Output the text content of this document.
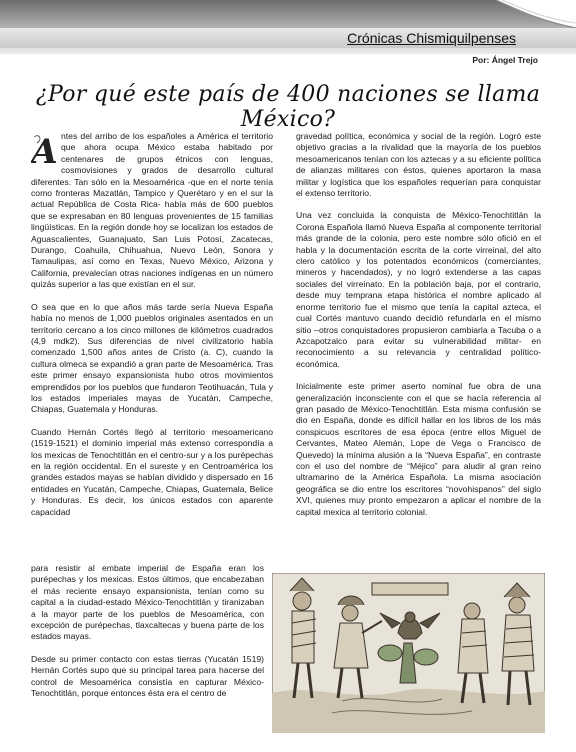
Crónicas Chismiquilpenses
Por: Ángel Trejo
¿Por qué este país de 400 naciones se llama México?

A ntes del arribo de los españoles a América el territorio que ahora ocupa México estaba habitado por centenares de grupos étnicos con lenguas, cosmovisiones y grados de desarrollo cultural diferentes. Tan sólo en la Mesoamérica -que en el norte tenía como fronteras Mazatlán, Tampico y Querétaro y en el sur la actual República de Costa Rica- había más de 600 pueblos que se expresaban en 80 lenguas provenientes de 15 familias lingüísticas. En la región donde hoy se localizan los estados de Aguascalientes, Guanajuato, San Luis Potosí, Zacatecas, Durango, Coahuila, Chihuahua, Nuevo León, Sonora y Tamaulipas, así como en Texas, Nuevo México, Arizona y California, prevalecían otras naciones indígenas en un número quizás superior a las que existían en el sur.

O sea que en lo que años más tarde sería Nueva España había no menos de 1,000 pueblos originales asentados en un territorio cercano a los cinco millones de kilómetros cuadrados (4,9 mdk2). Sus diferencias de nivel civilizatorio había comenzado 1,500 años antes de Cristo (a. C), cuando la cultura olmeca se expandió a gran parte de Mesoamérica. Tras este primer ensayo expansionista hubo otros movimientos emprendidos por los pueblos que fundaron Teotihuacán, Tula y los estados imperiales mayas de Yucatán, Campeche, Chiapas, Guatemala y Honduras.

Cuando Hernán Cortés llegó al territorio mesoamericano (1519-1521) el dominio imperial más extenso correspondía a los mexicas de Tenochtitlán en el centro-sur y a los purépechas en la región occidental. En el sureste y en Centroamérica los grandes estados mayas se habían dividido y dispersado en 16 entidades en Yucatán, Campeche, Chiapas, Guatemala, Belice y Honduras. Es decir, los únicos estados con aparente capacidad

para resistir al embate imperial de España eran los purépechas y los mexicas. Estos últimos, que encabezaban el más reciente ensayo expansionista, tenían como su capital a la ciudad-estado México-Tenochtitlán y tiranizaban a la mayor parte de los pueblos de Mesoamérica, con excepción de purépechas, tlaxcaltecas y buena parte de los estados mayas.

Desde su primer contacto con estas tierras (Yucatán 1519) Hernán Cortés supo que su principal tarea para hacerse del control de Mesoamérica consistía en capturar México-Tenochtitlán, porque entonces ésta era el centro de

gravedad política, económica y social de la región. Logró este objetivo gracias a la rivalidad que la mayoría de los pueblos mesoamericanos tenían con los aztecas y a su eficiente política de alianzas militares con éstos, quienes aportaron la masa militar y logística que los españoles requerían para conquistar el extenso territorio.

Una vez concluida la conquista de México-Tenochtitlán la Corona Española llamó Nueva España al componente territorial más grande de la colonia, pero este nombre sólo ofició en el habla y la documentación escrita de la corte virreinal, del alto clero católico y los potentados económicos (comerciantes, mineros y hacendados), y no logró extenderse a las capas sociales del virreinato. En la población baja, por el contrario, desde muy temprana etapa histórica el nombre aplicado al enorme territorio fue el mismo que tenía la capital azteca, el cual Cortés mantuvo cuando decidió refundarla en el mismo sitio –otros conquistadores propusieron cambiarla a Tacuba o a Azcapotzalco para evitar su vulnerabilidad militar- en reconocimiento a su relevancia y centralidad político-económica.

Inicialmente este primer aserto nominal fue obra de una generalización inconsciente con el que se hacía referencia al gran pasado de México-Tenochtitlán. Esta misma confusión se dio en España, donde es difícil hallar en los libros de los más conspicuos escritores de esa época (entre ellos Miguel de Cervantes, Mateo Alemán, Lope de Vega o Francisco de Quevedo) la mínima alusión a la “Nueva España”, en contraste con el uso del nombre de “Méjico” para aludir al gran reino ultramarino de la América Española. La misma asociación geográfica se dio entre los escritores “novohispanos” del siglo XVI, quienes muy pronto empezaron a aplicar el nombre de la capital mexica al territorio colonial.
